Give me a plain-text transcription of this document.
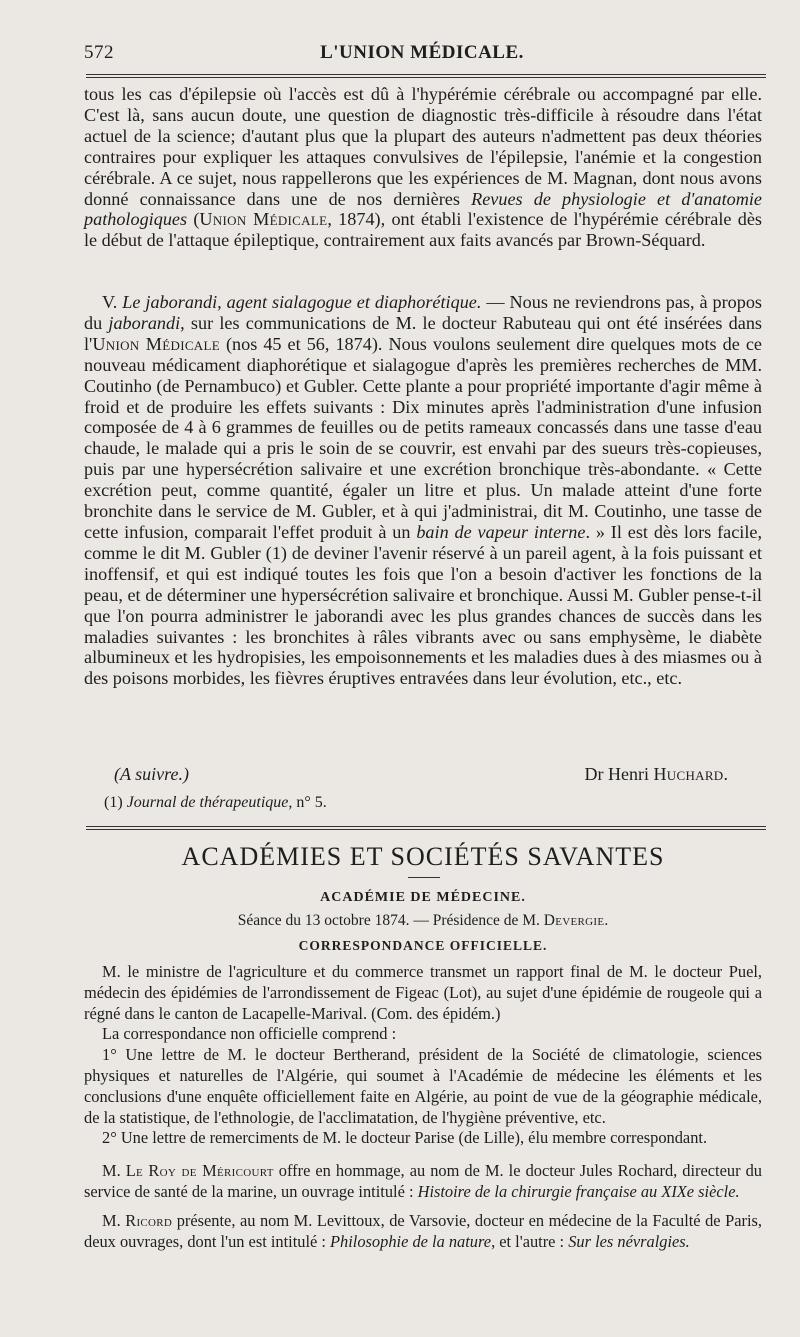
572	L'UNION MÉDICALE.

tous les cas d'épilepsie où l'accès est dû à l'hypérémie cérébrale ou accompagné par elle. C'est là, sans aucun doute, une question de diagnostic très-difficile à résoudre dans l'état actuel de la science; d'autant plus que la plupart des auteurs n'admettent pas deux théories contraires pour expliquer les attaques convulsives de l'épilepsie, l'anémie et la congestion cérébrale. A ce sujet, nous rappellerons que les expériences de M. Magnan, dont nous avons donné connaissance dans une de nos dernières Revues de physiologie et d'anatomie pathologiques (Union Médicale, 1874), ont établi l'existence de l'hypérémie cérébrale dès le début de l'attaque épileptique, contrairement aux faits avancés par Brown-Séquard.

V. Le jaborandi, agent sialagogue et diaphorétique. — Nous ne reviendrons pas, à propos du jaborandi, sur les communications de M. le docteur Rabuteau qui ont été insérées dans l'Union Médicale (nos 45 et 56, 1874). Nous voulons seulement dire quelques mots de ce nouveau médicament diaphorétique et sialagogue d'après les premières recherches de MM. Coutinho (de Pernambuco) et Gubler. Cette plante a pour propriété importante d'agir même à froid et de produire les effets suivants : Dix minutes après l'administration d'une infusion composée de 4 à 6 grammes de feuilles ou de petits rameaux concassés dans une tasse d'eau chaude, le malade qui a pris le soin de se couvrir, est envahi par des sueurs très-copieuses, puis par une hypersécrétion salivaire et une excrétion bronchique très-abondante. « Cette excrétion peut, comme quantité, égaler un litre et plus. Un malade atteint d'une forte bronchite dans le service de M. Gubler, et à qui j'administrai, dit M. Coutinho, une tasse de cette infusion, comparait l'effet produit à un bain de vapeur interne. » Il est dès lors facile, comme le dit M. Gubler (1) de deviner l'avenir réservé à un pareil agent, à la fois puissant et inoffensif, et qui est indiqué toutes les fois que l'on a besoin d'activer les fonctions de la peau, et de déterminer une hypersécrétion salivaire et bronchique. Aussi M. Gubler pense-t-il que l'on pourra administrer le jaborandi avec les plus grandes chances de succès dans les maladies suivantes : les bronchites à râles vibrants avec ou sans emphysème, le diabète albumineux et les hydropisies, les empoisonnements et les maladies dues à des miasmes ou à des poisons morbides, les fièvres éruptives entravées dans leur évolution, etc., etc.

(A suivre.)	Dr Henri Huchard.
(1) Journal de thérapeutique, n° 5.
ACADÉMIES ET SOCIÉTÉS SAVANTES
ACADÉMIE DE MÉDECINE.
Séance du 13 octobre 1874. — Présidence de M. Devergie.
CORRESPONDANCE OFFICIELLE.

M. le ministre de l'agriculture et du commerce transmet un rapport final de M. le docteur Puel, médecin des épidémies de l'arrondissement de Figeac (Lot), au sujet d'une épidémie de rougeole qui a régné dans le canton de Lacapelle-Marival. (Com. des épidém.)

La correspondance non officielle comprend :

1° Une lettre de M. le docteur Bertherand, président de la Société de climatologie, sciences physiques et naturelles de l'Algérie, qui soumet à l'Académie de médecine les éléments et les conclusions d'une enquête officiellement faite en Algérie, au point de vue de la géographie médicale, de la statistique, de l'ethnologie, de l'acclimatation, de l'hygiène préventive, etc.

2° Une lettre de remerciments de M. le docteur Parise (de Lille), élu membre correspondant.

M. Le Roy de Méricourt offre en hommage, au nom de M. le docteur Jules Rochard, directeur du service de santé de la marine, un ouvrage intitulé : Histoire de la chirurgie française au XIXe siècle.

M. Ricord présente, au nom M. Levittoux, de Varsovie, docteur en médecine de la Faculté de Paris, deux ouvrages, dont l'un est intitulé : Philosophie de la nature, et l'autre : Sur les névralgies.
